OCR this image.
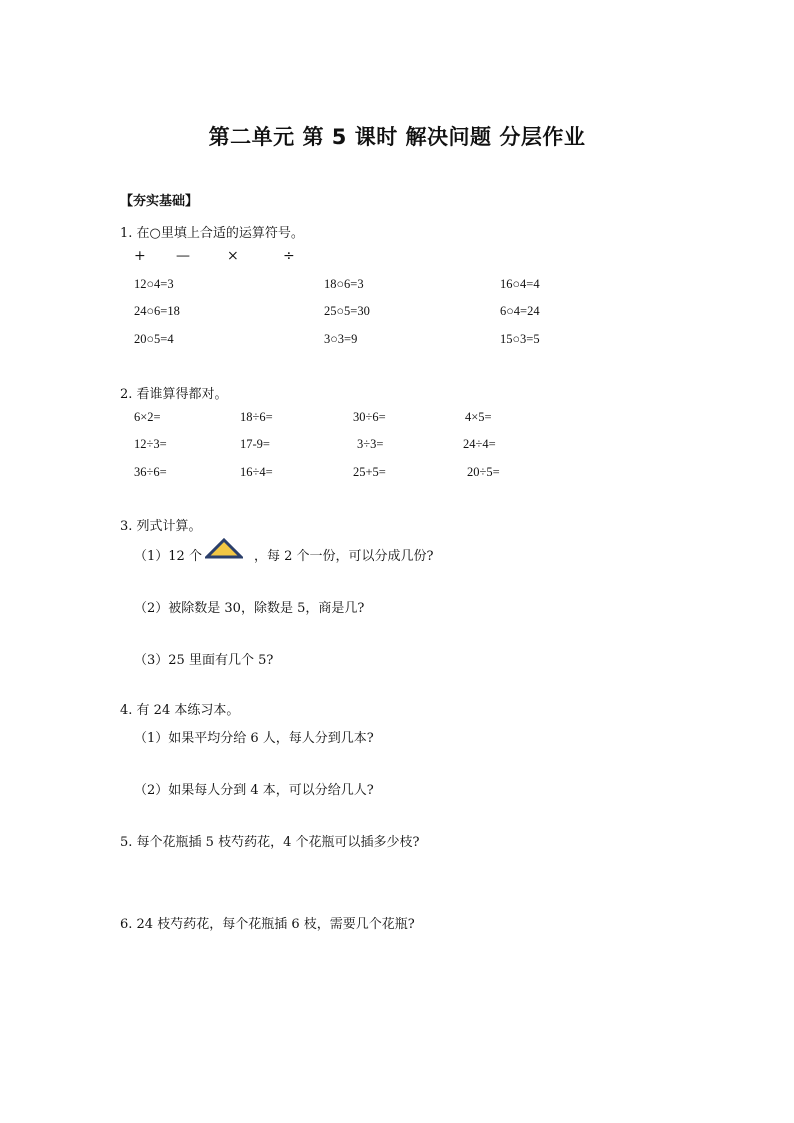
第二单元 第 5 课时 解决问题 分层作业
【夯实基础】
1. 在○里填上合适的运算符号。
+ —	×	÷
12○4=3	18○6=3	16○4=4
24○6=18	25○5=30	6○4=24
20○5=4	3○3=9	15○3=5
2. 看谁算得都对。
6×2=	18÷6=	30÷6=	4×5=
12÷3=	17-9=	3÷3=	24÷4=
36÷6=	16÷4=	25+5=	20÷5=
3. 列式计算。
（1）12 个	，每 2 个一份，可以分成几份?
（2）被除数是 30，除数是 5，商是几?
（3）25 里面有几个 5?
4. 有 24 本练习本。
（1）如果平均分给 6 人，每人分到几本?
（2）如果每人分到 4 本，可以分给几人?
5. 每个花瓶插 5 枝芍药花，4 个花瓶可以插多少枝?
6. 24 枝芍药花，每个花瓶插 6 枝，需要几个花瓶?
